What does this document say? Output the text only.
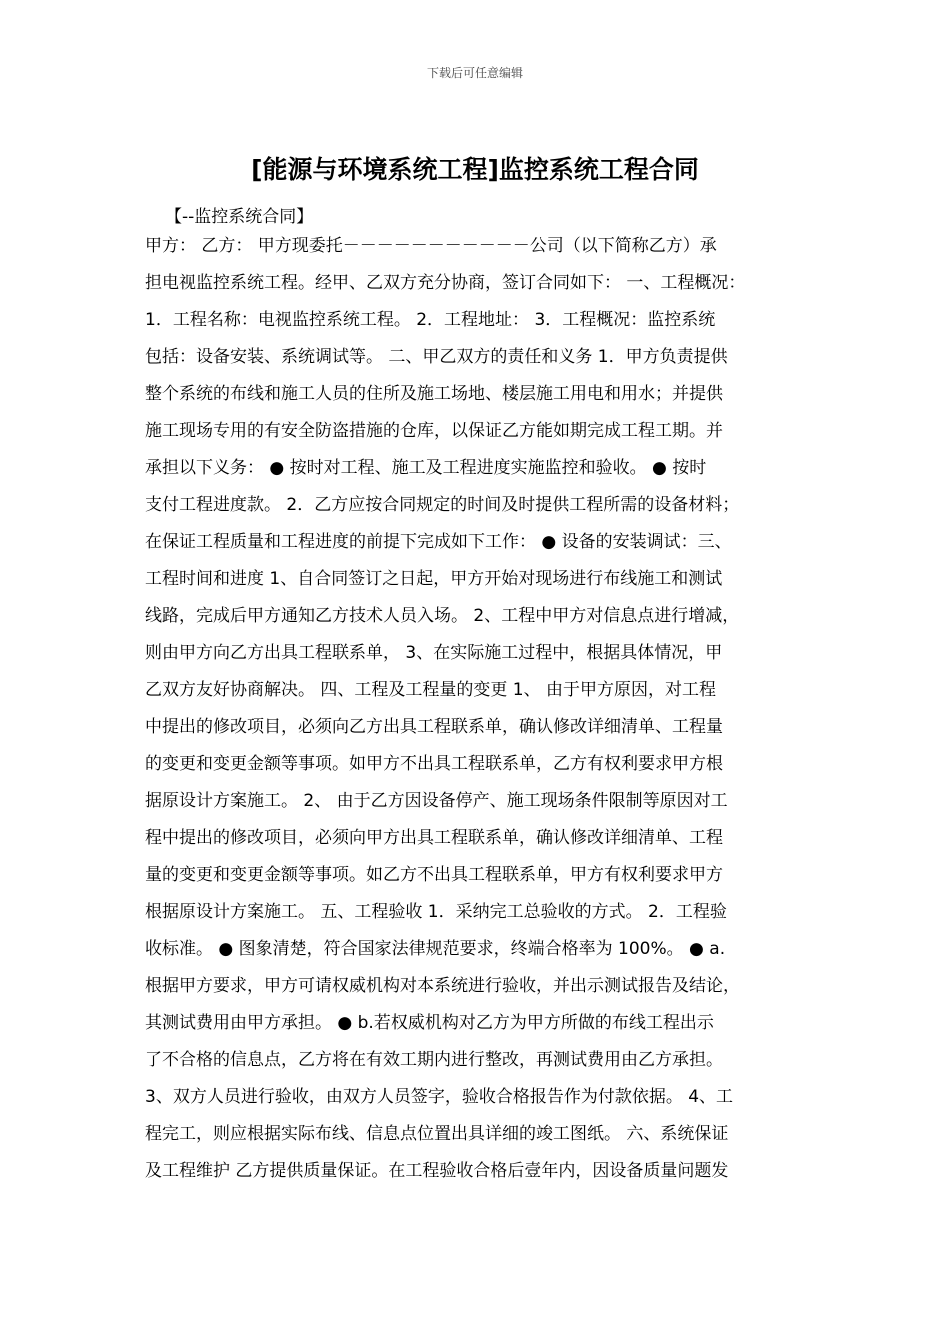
下载后可任意编辑
[能源与环境系统工程]监控系统工程合同
【--监控系统合同】
甲方： 乙方： 甲方现委托－－－－－－－－－－－公司（以下简称乙方）承
担电视监控系统工程。经甲、乙双方充分协商，签订合同如下： 一、工程概况：
1．工程名称：电视监控系统工程。 2．工程地址： 3．工程概况：监控系统
包括：设备安装、系统调试等。 二、甲乙双方的责任和义务 1．甲方负责提供
整个系统的布线和施工人员的住所及施工场地、楼层施工用电和用水；并提供
施工现场专用的有安全防盗措施的仓库，以保证乙方能如期完成工程工期。并
承担以下义务： ● 按时对工程、施工及工程进度实施监控和验收。 ● 按时
支付工程进度款。 2．乙方应按合同规定的时间及时提供工程所需的设备材料；
在保证工程质量和工程进度的前提下完成如下工作： ● 设备的安装调试：三、
工程时间和进度 1、自合同签订之日起，甲方开始对现场进行布线施工和测试
线路，完成后甲方通知乙方技术人员入场。 2、工程中甲方对信息点进行增减，
则由甲方向乙方出具工程联系单， 3、在实际施工过程中，根据具体情况，甲
乙双方友好协商解决。 四、工程及工程量的变更 1、 由于甲方原因，对工程
中提出的修改项目，必须向乙方出具工程联系单，确认修改详细清单、工程量
的变更和变更金额等事项。如甲方不出具工程联系单，乙方有权利要求甲方根
据原设计方案施工。 2、 由于乙方因设备停产、施工现场条件限制等原因对工
程中提出的修改项目，必须向甲方出具工程联系单，确认修改详细清单、工程
量的变更和变更金额等事项。如乙方不出具工程联系单，甲方有权利要求甲方
根据原设计方案施工。 五、工程验收 1．采纳完工总验收的方式。 2．工程验
收标准。 ● 图象清楚，符合国家法律规范要求，终端合格率为 100%。 ● a.
根据甲方要求，甲方可请权威机构对本系统进行验收，并出示测试报告及结论，
其测试费用由甲方承担。 ● b.若权威机构对乙方为甲方所做的布线工程出示
了不合格的信息点，乙方将在有效工期内进行整改，再测试费用由乙方承担。
3、双方人员进行验收，由双方人员签字，验收合格报告作为付款依据。 4、工
程完工，则应根据实际布线、信息点位置出具详细的竣工图纸。 六、系统保证
及工程维护 乙方提供质量保证。在工程验收合格后壹年内，因设备质量问题发
